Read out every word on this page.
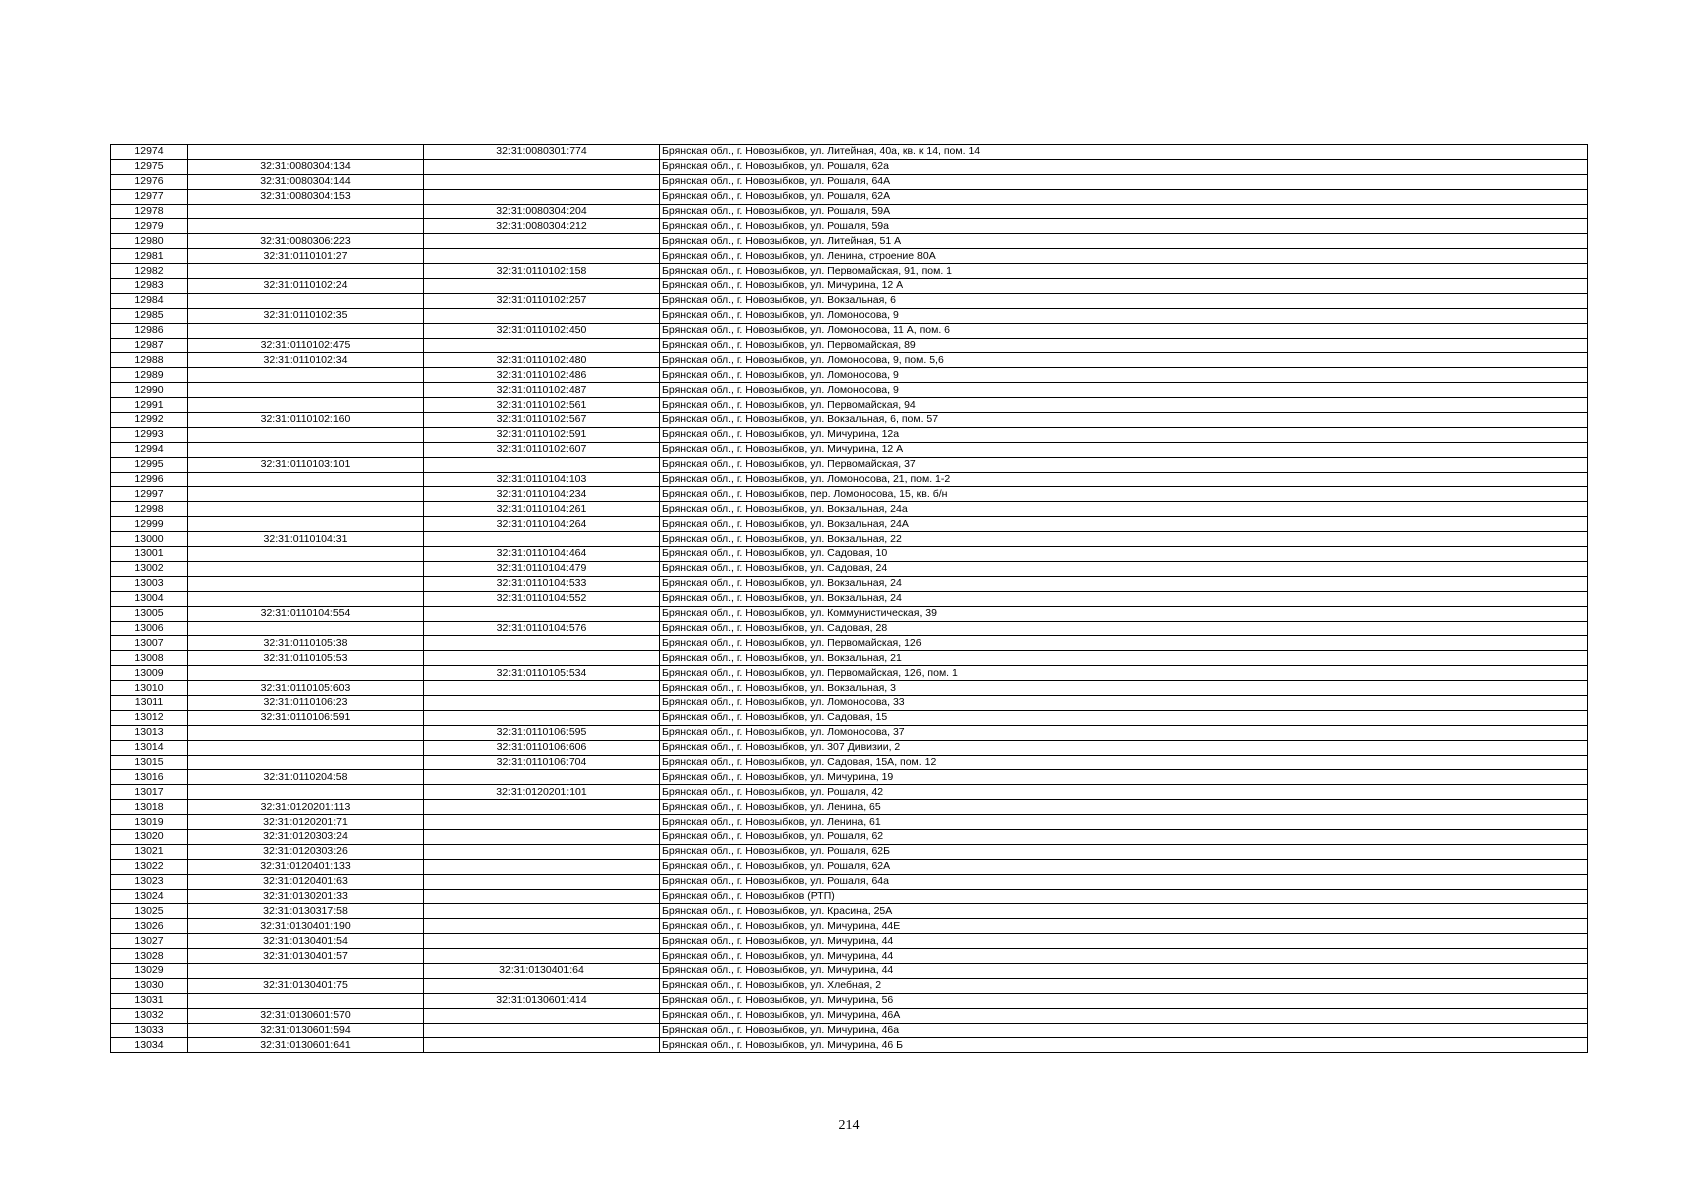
12974		32:31:0080301:774	Брянская обл., г. Новозыбков, ул. Литейная, 40а, кв. к 14, пом. 14
12975	32:31:0080304:134		Брянская обл., г. Новозыбков, ул. Рошаля, 62а
12976	32:31:0080304:144		Брянская обл., г. Новозыбков, ул. Рошаля, 64А
12977	32:31:0080304:153		Брянская обл., г. Новозыбков, ул. Рошаля, 62А
12978		32:31:0080304:204	Брянская обл., г. Новозыбков, ул. Рошаля, 59А
12979		32:31:0080304:212	Брянская обл., г. Новозыбков, ул. Рошаля, 59а
12980	32:31:0080306:223		Брянская обл., г. Новозыбков, ул. Литейная, 51 А
12981	32:31:0110101:27		Брянская обл., г. Новозыбков, ул. Ленина, строение 80А
12982		32:31:0110102:158	Брянская обл., г. Новозыбков, ул. Первомайская, 91, пом. 1
12983	32:31:0110102:24		Брянская обл., г. Новозыбков, ул. Мичурина, 12 А
12984		32:31:0110102:257	Брянская обл., г. Новозыбков, ул. Вокзальная, 6
12985	32:31:0110102:35		Брянская обл., г. Новозыбков, ул. Ломоносова, 9
12986		32:31:0110102:450	Брянская обл., г. Новозыбков, ул. Ломоносова, 11 А, пом. 6
12987	32:31:0110102:475		Брянская обл., г. Новозыбков, ул. Первомайская, 89
12988	32:31:0110102:34	32:31:0110102:480	Брянская обл., г. Новозыбков, ул. Ломоносова, 9, пом. 5,6
12989		32:31:0110102:486	Брянская обл., г. Новозыбков, ул. Ломоносова, 9
12990		32:31:0110102:487	Брянская обл., г. Новозыбков, ул. Ломоносова, 9
12991		32:31:0110102:561	Брянская обл., г. Новозыбков, ул. Первомайская, 94
12992	32:31:0110102:160	32:31:0110102:567	Брянская обл., г. Новозыбков, ул. Вокзальная, 6, пом. 57
12993		32:31:0110102:591	Брянская обл., г. Новозыбков, ул. Мичурина, 12а
12994		32:31:0110102:607	Брянская обл., г. Новозыбков, ул. Мичурина, 12 А
12995	32:31:0110103:101		Брянская обл., г. Новозыбков, ул. Первомайская, 37
12996		32:31:0110104:103	Брянская обл., г. Новозыбков, ул. Ломоносова, 21, пом. 1-2
12997		32:31:0110104:234	Брянская обл., г. Новозыбков, пер. Ломоносова, 15, кв. б/н
12998		32:31:0110104:261	Брянская обл., г. Новозыбков, ул. Вокзальная, 24а
12999		32:31:0110104:264	Брянская обл., г. Новозыбков, ул. Вокзальная, 24А
13000	32:31:0110104:31		Брянская обл., г. Новозыбков, ул. Вокзальная, 22
13001		32:31:0110104:464	Брянская обл., г. Новозыбков, ул. Садовая, 10
13002		32:31:0110104:479	Брянская обл., г. Новозыбков, ул. Садовая, 24
13003		32:31:0110104:533	Брянская обл., г. Новозыбков, ул. Вокзальная, 24
13004		32:31:0110104:552	Брянская обл., г. Новозыбков, ул. Вокзальная, 24
13005	32:31:0110104:554		Брянская обл., г. Новозыбков, ул. Коммунистическая, 39
13006		32:31:0110104:576	Брянская обл., г. Новозыбков, ул. Садовая, 28
13007	32:31:0110105:38		Брянская обл., г. Новозыбков, ул. Первомайская, 126
13008	32:31:0110105:53		Брянская обл., г. Новозыбков, ул. Вокзальная, 21
13009		32:31:0110105:534	Брянская обл., г. Новозыбков, ул. Первомайская, 126, пом. 1
13010	32:31:0110105:603		Брянская обл., г. Новозыбков, ул. Вокзальная, 3
13011	32:31:0110106:23		Брянская обл., г. Новозыбков, ул. Ломоносова, 33
13012	32:31:0110106:591		Брянская обл., г. Новозыбков, ул. Садовая, 15
13013		32:31:0110106:595	Брянская обл., г. Новозыбков, ул. Ломоносова, 37
13014		32:31:0110106:606	Брянская обл., г. Новозыбков, ул. 307 Дивизии, 2
13015		32:31:0110106:704	Брянская обл., г. Новозыбков, ул. Садовая, 15А, пом. 12
13016	32:31:0110204:58		Брянская обл., г. Новозыбков, ул. Мичурина, 19
13017		32:31:0120201:101	Брянская обл., г. Новозыбков, ул. Рошаля, 42
13018	32:31:0120201:113		Брянская обл., г. Новозыбков, ул. Ленина, 65
13019	32:31:0120201:71		Брянская обл., г. Новозыбков, ул. Ленина, 61
13020	32:31:0120303:24		Брянская обл., г. Новозыбков, ул. Рошаля, 62
13021	32:31:0120303:26		Брянская обл., г. Новозыбков, ул. Рошаля, 62Б
13022	32:31:0120401:133		Брянская обл., г. Новозыбков, ул. Рошаля, 62А
13023	32:31:0120401:63		Брянская обл., г. Новозыбков, ул. Рошаля, 64а
13024	32:31:0130201:33		Брянская обл., г. Новозыбков (РТП)
13025	32:31:0130317:58		Брянская обл., г. Новозыбков, ул. Красина, 25А
13026	32:31:0130401:190		Брянская обл., г. Новозыбков, ул. Мичурина, 44Е
13027	32:31:0130401:54		Брянская обл., г. Новозыбков, ул. Мичурина, 44
13028	32:31:0130401:57		Брянская обл., г. Новозыбков, ул. Мичурина, 44
13029		32:31:0130401:64	Брянская обл., г. Новозыбков, ул. Мичурина, 44
13030	32:31:0130401:75		Брянская обл., г. Новозыбков, ул. Хлебная, 2
13031		32:31:0130601:414	Брянская обл., г. Новозыбков, ул. Мичурина, 56
13032	32:31:0130601:570		Брянская обл., г. Новозыбков, ул. Мичурина, 46А
13033	32:31:0130601:594		Брянская обл., г. Новозыбков, ул. Мичурина, 46а
13034	32:31:0130601:641		Брянская обл., г. Новозыбков, ул. Мичурина, 46 Б
214
